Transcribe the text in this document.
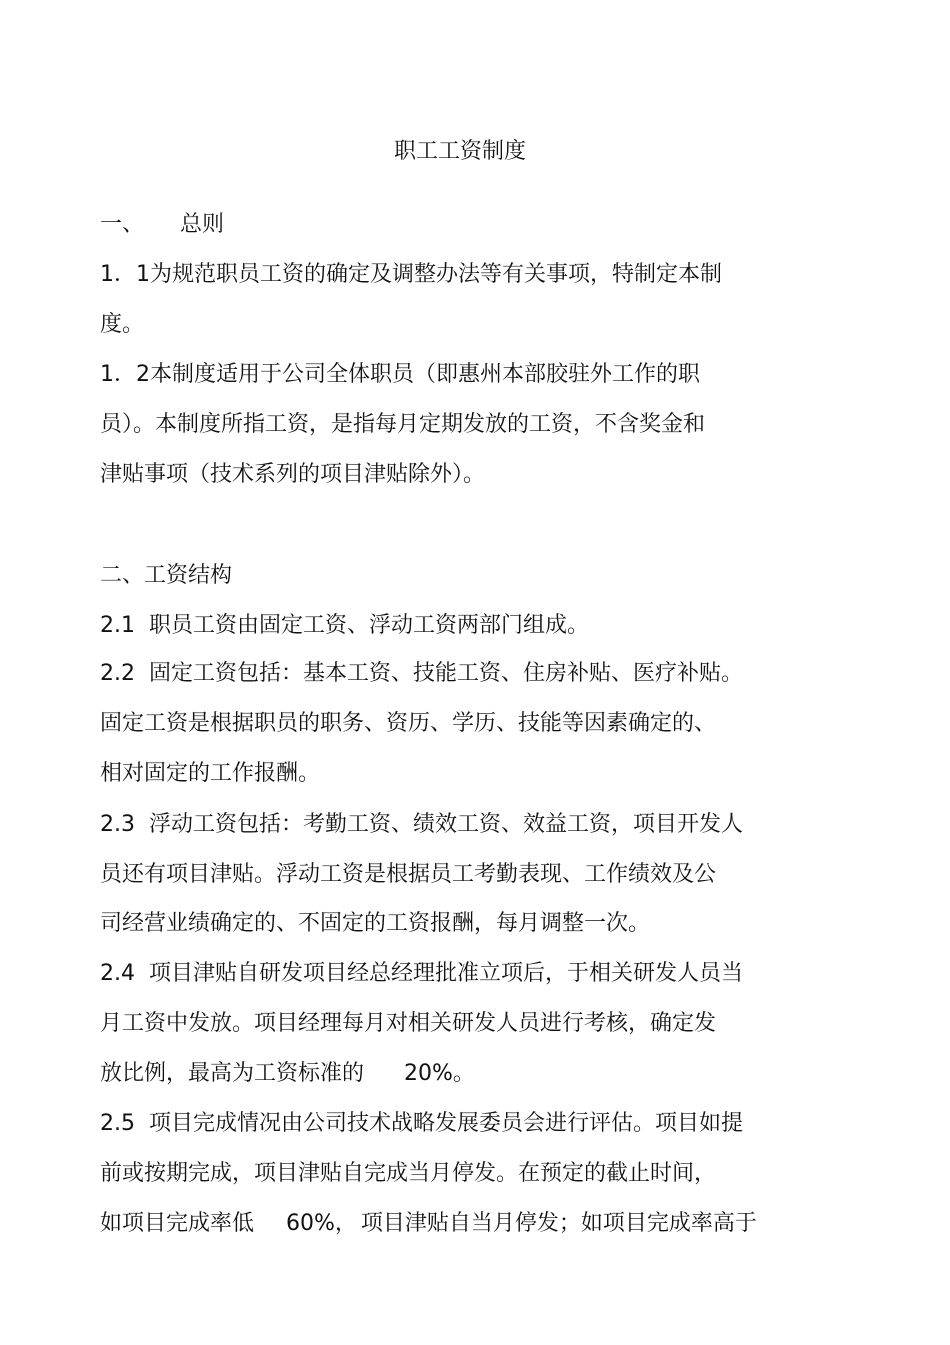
职工工资制度
一、 总则
1．1为规范职员工资的确定及调整办法等有关事项，特制定本制
度。
1．2本制度适用于公司全体职员（即惠州本部胶驻外工作的职
员）。本制度所指工资，是指每月定期发放的工资，不含奖金和
津贴事项（技术系列的项目津贴除外）。
二、工资结构
2.1  职员工资由固定工资、浮动工资两部门组成。
2.2  固定工资包括：基本工资、技能工资、住房补贴、医疗补贴。
固定工资是根据职员的职务、资历、学历、技能等因素确定的、
相对固定的工作报酬。
2.3  浮动工资包括：考勤工资、绩效工资、效益工资，项目开发人
员还有项目津贴。浮动工资是根据员工考勤表现、工作绩效及公
司经营业绩确定的、不固定的工资报酬，每月调整一次。
2.4  项目津贴自研发项目经总经理批准立项后，于相关研发人员当
月工资中发放。项目经理每月对相关研发人员进行考核，确定发
放比例，最高为工资标准的 20%。
2.5  项目完成情况由公司技术战略发展委员会进行评估。项目如提
前或按期完成，项目津贴自完成当月停发。在预定的截止时间，
如项目完成率低 60%， 项目津贴自当月停发；如项目完成率高于
